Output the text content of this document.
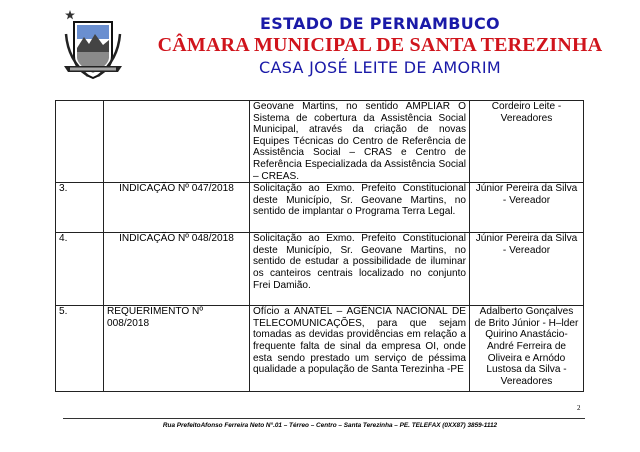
ESTADO DE PERNAMBUCO
CÂMARA MUNICIPAL DE SANTA TEREZINHA
CASA JOSÉ LEITE DE AMORIM
		Geovane Martins, no sentido AMPLIAR O Sistema de cobertura da Assistência Social Municipal, através da criação de novas Equipes Técnicas do Centro de Referência de Assistência Social – CRAS e Centro de Referência Especializada da Assistência Social – CREAS.	Cordeiro Leite - Vereadores
3.	INDICAÇÃO Nº 047/2018	Solicitação ao Exmo. Prefeito Constitucional deste Município, Sr. Geovane Martins, no sentido de implantar o Programa Terra Legal.	Júnior Pereira da Silva - Vereador
4.	INDICAÇÃO Nº 048/2018	Solicitação ao Exmo. Prefeito Constitucional deste Município, Sr. Geovane Martins, no sentido de estudar a possibilidade de iluminar os canteiros centrais localizado no conjunto Frei Damião.	Júnior Pereira da Silva - Vereador
5.	REQUERIMENTO Nº 008/2018	Ofício a ANATEL – AGÊNCIA NACIONAL DE TELECOMUNICAÇÕES, para que sejam tomadas as devidas providências em relação a frequente falta de sinal da empresa OI, onde esta sendo prestado um serviço de péssima qualidade a população de Santa Terezinha -PE	Adalberto Gonçalves de Brito Júnior - H–lder Quirino Anastácio- André Ferreira de Oliveira e Arnódo Lustosa da Silva - Vereadores
2
Rua PrefeitoAfonso Ferreira Neto N°.01 – Térreo – Centro – Santa Terezinha – PE. TELEFAX (0XX87) 3859-1112
